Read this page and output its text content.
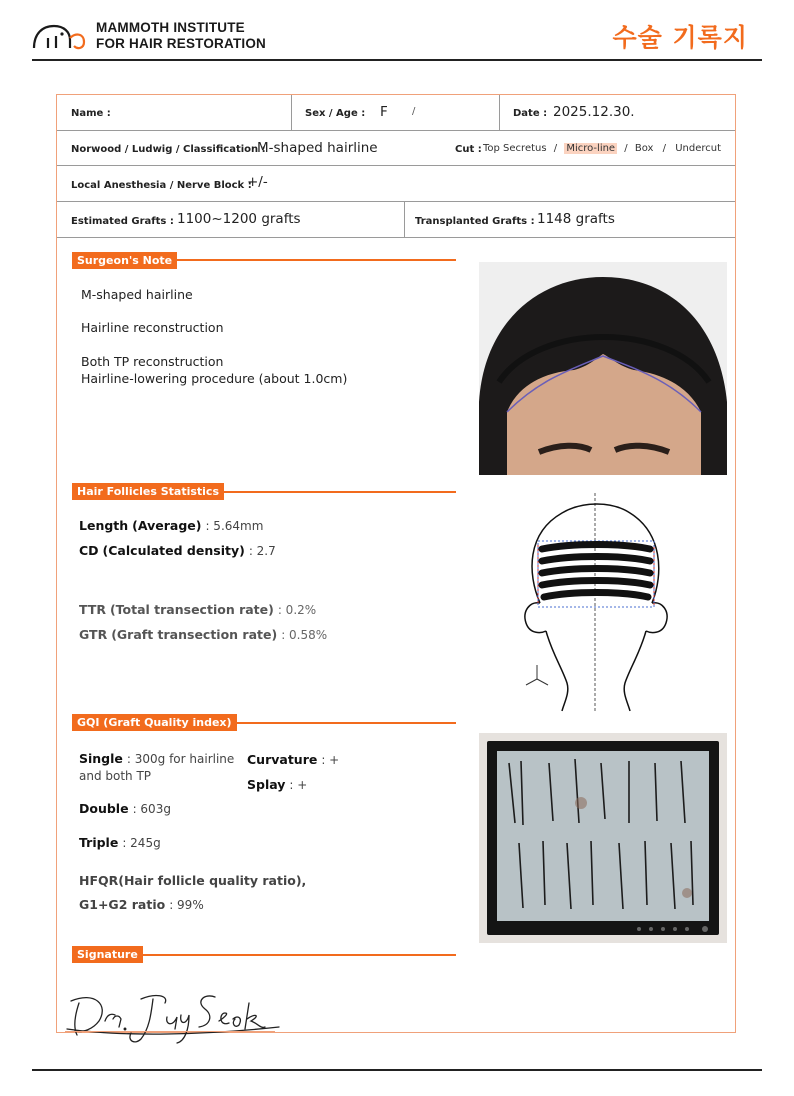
MAMMOTH INSTITUTE
FOR HAIR RESTORATION	수술 기록지
Name :	Sex / Age : F /	Date : 2025.12.30.
Norwood / Ludwig / Classification :
M-shaped hairline	Cut : Top Secretus / Micro-line / Box / Undercut
Local Anesthesia / Nerve Block :
+/-
Estimated Grafts : 1100~1200 grafts	Transplanted Grafts : 1148 grafts
Surgeon's Note
M-shaped hairline
Hairline reconstruction
Both TP reconstruction
Hairline-lowering procedure (about 1.0cm)
Hair Follicles Statistics
Length (Average) : 5.64mm
CD (Calculated density) : 2.7
TTR (Total transection rate) : 0.2%
GTR (Graft transection rate) : 0.58%
GQI (Graft Quality index)
Single : 300g for hairline
and both TP
Curvature : +
Splay : +
Double : 603g
Triple : 245g
HFQR(Hair follicle quality ratio),
G1+G2 ratio : 99%
Signature
